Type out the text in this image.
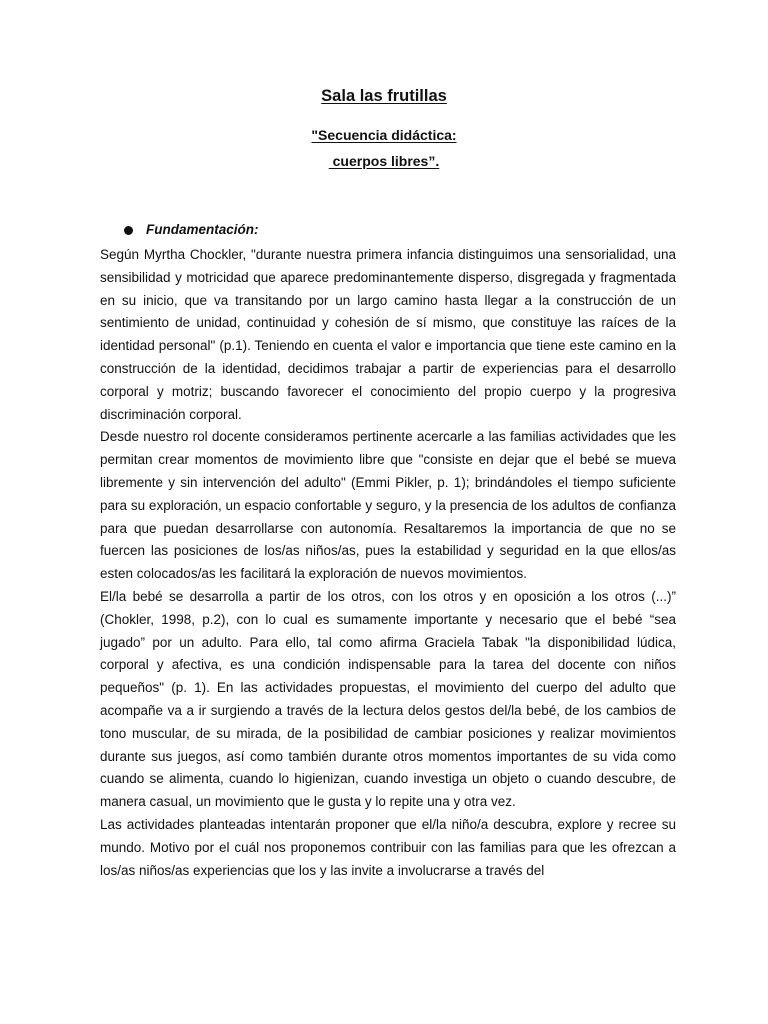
Sala las frutillas
"Secuencia didáctica:
cuerpos libres”.
Fundamentación:

Según Myrtha Chockler, "durante nuestra primera infancia distinguimos una sensorialidad, una sensibilidad y motricidad que aparece predominantemente disperso, disgregada y fragmentada en su inicio, que va transitando por un largo camino hasta llegar a la construcción de un sentimiento de unidad, continuidad y cohesión de sí mismo, que constituye las raíces de la identidad personal" (p.1). Teniendo en cuenta el valor e importancia que tiene este camino en la construcción de la identidad, decidimos trabajar a partir de experiencias para el desarrollo corporal y motriz; buscando favorecer el conocimiento del propio cuerpo y la progresiva discriminación corporal.

Desde nuestro rol docente consideramos pertinente acercarle a las familias actividades que les permitan crear momentos de movimiento libre que "consiste en dejar que el bebé se mueva libremente y sin intervención del adulto" (Emmi Pikler, p. 1); brindándoles el tiempo suficiente para su exploración, un espacio confortable y seguro, y la presencia de los adultos de confianza para que puedan desarrollarse con autonomía. Resaltaremos la importancia de que no se fuercen las posiciones de los/as niños/as, pues la estabilidad y seguridad en la que ellos/as esten colocados/as les facilitará la exploración de nuevos movimientos.

El/la bebé se desarrolla a partir de los otros, con los otros y en oposición a los otros (...)” (Chokler, 1998, p.2), con lo cual es sumamente importante y necesario que el bebé “sea jugado” por un adulto. Para ello, tal como afirma Graciela Tabak "la disponibilidad lúdica, corporal y afectiva, es una condición indispensable para la tarea del docente con niños pequeños" (p. 1). En las actividades propuestas, el movimiento del cuerpo del adulto que acompañe va a ir surgiendo a través de la lectura delos gestos del/la bebé, de los cambios de tono muscular, de su mirada, de la posibilidad de cambiar posiciones y realizar movimientos durante sus juegos, así como también durante otros momentos importantes de su vida como cuando se alimenta, cuando lo higienizan, cuando investiga un objeto o cuando descubre, de manera casual, un movimiento que le gusta y lo repite una y otra vez.

Las actividades planteadas intentarán proponer que el/la niño/a descubra, explore y recree su mundo. Motivo por el cuál nos proponemos contribuir con las familias para que les ofrezcan a los/as niños/as experiencias que los y las invite a involucrarse a través del
